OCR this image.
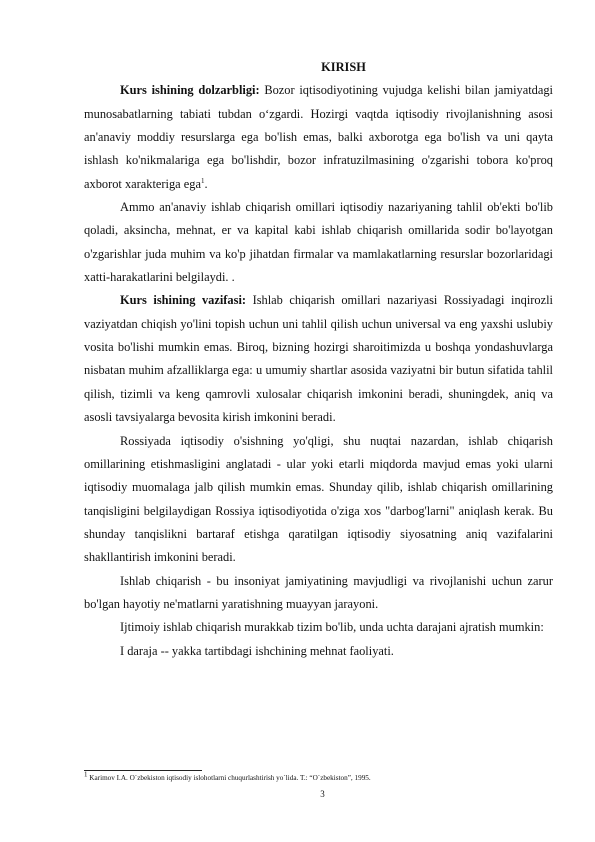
KIRISH

Kurs ishining dolzarbligi: Bozor iqtisodiyotining vujudga kelishi bilan jamiyatdagi munosabatlarning tabiati tubdan o‘zgardi. Hozirgi vaqtda iqtisodiy rivojlanishning asosi an'anaviy moddiy resurslarga ega bo'lish emas, balki axborotga ega bo'lish va uni qayta ishlash ko'nikmalariga ega bo'lishdir, bozor infratuzilmasining o'zgarishi tobora ko'proq axborot xarakteriga ega$^1$.

Ammo an'anaviy ishlab chiqarish omillari iqtisodiy nazariyaning tahlil ob'ekti bo'lib qoladi, aksincha, mehnat, er va kapital kabi ishlab chiqarish omillarida sodir bo'layotgan o'zgarishlar juda muhim va ko'p jihatdan firmalar va mamlakatlarning resurslar bozorlaridagi xatti-harakatlarini belgilaydi. .

Kurs ishining vazifasi: Ishlab chiqarish omillari nazariyasi Rossiyadagi inqirozli vaziyatdan chiqish yo'lini topish uchun uni tahlil qilish uchun universal va eng yaxshi uslubiy vosita bo'lishi mumkin emas. Biroq, bizning hozirgi sharoitimizda u boshqa yondashuvlarga nisbatan muhim afzalliklarga ega: u umumiy shartlar asosida vaziyatni bir butun sifatida tahlil qilish, tizimli va keng qamrovli xulosalar chiqarish imkonini beradi, shuningdek, aniq va asosli tavsiyalarga bevosita kirish imkonini beradi.

Rossiyada iqtisodiy o'sishning yo'qligi, shu nuqtai nazardan, ishlab chiqarish omillarining etishmasligini anglatadi - ular yoki etarli miqdorda mavjud emas yoki ularni iqtisodiy muomalaga jalb qilish mumkin emas. Shunday qilib, ishlab chiqarish omillarining tanqisligini belgilaydigan Rossiya iqtisodiyotida o'ziga xos "darbog'larni" aniqlash kerak. Bu shunday tanqislikni bartaraf etishga qaratilgan iqtisodiy siyosatning aniq vazifalarini shakllantirish imkonini beradi.

Ishlab chiqarish - bu insoniyat jamiyatining mavjudligi va rivojlanishi uchun zarur bo'lgan hayotiy ne'matlarni yaratishning muayyan jarayoni.

Ijtimoiy ishlab chiqarish murakkab tizim bo'lib, unda uchta darajani ajratish mumkin:

I daraja -- yakka tartibdagi ishchining mehnat faoliyati.

$^1$ Karimov I.A. O`zbekiston iqtisodiy islohotlarni chuqurlashtirish yo`lida. T.: “O`zbekiston”, 1995.
3
